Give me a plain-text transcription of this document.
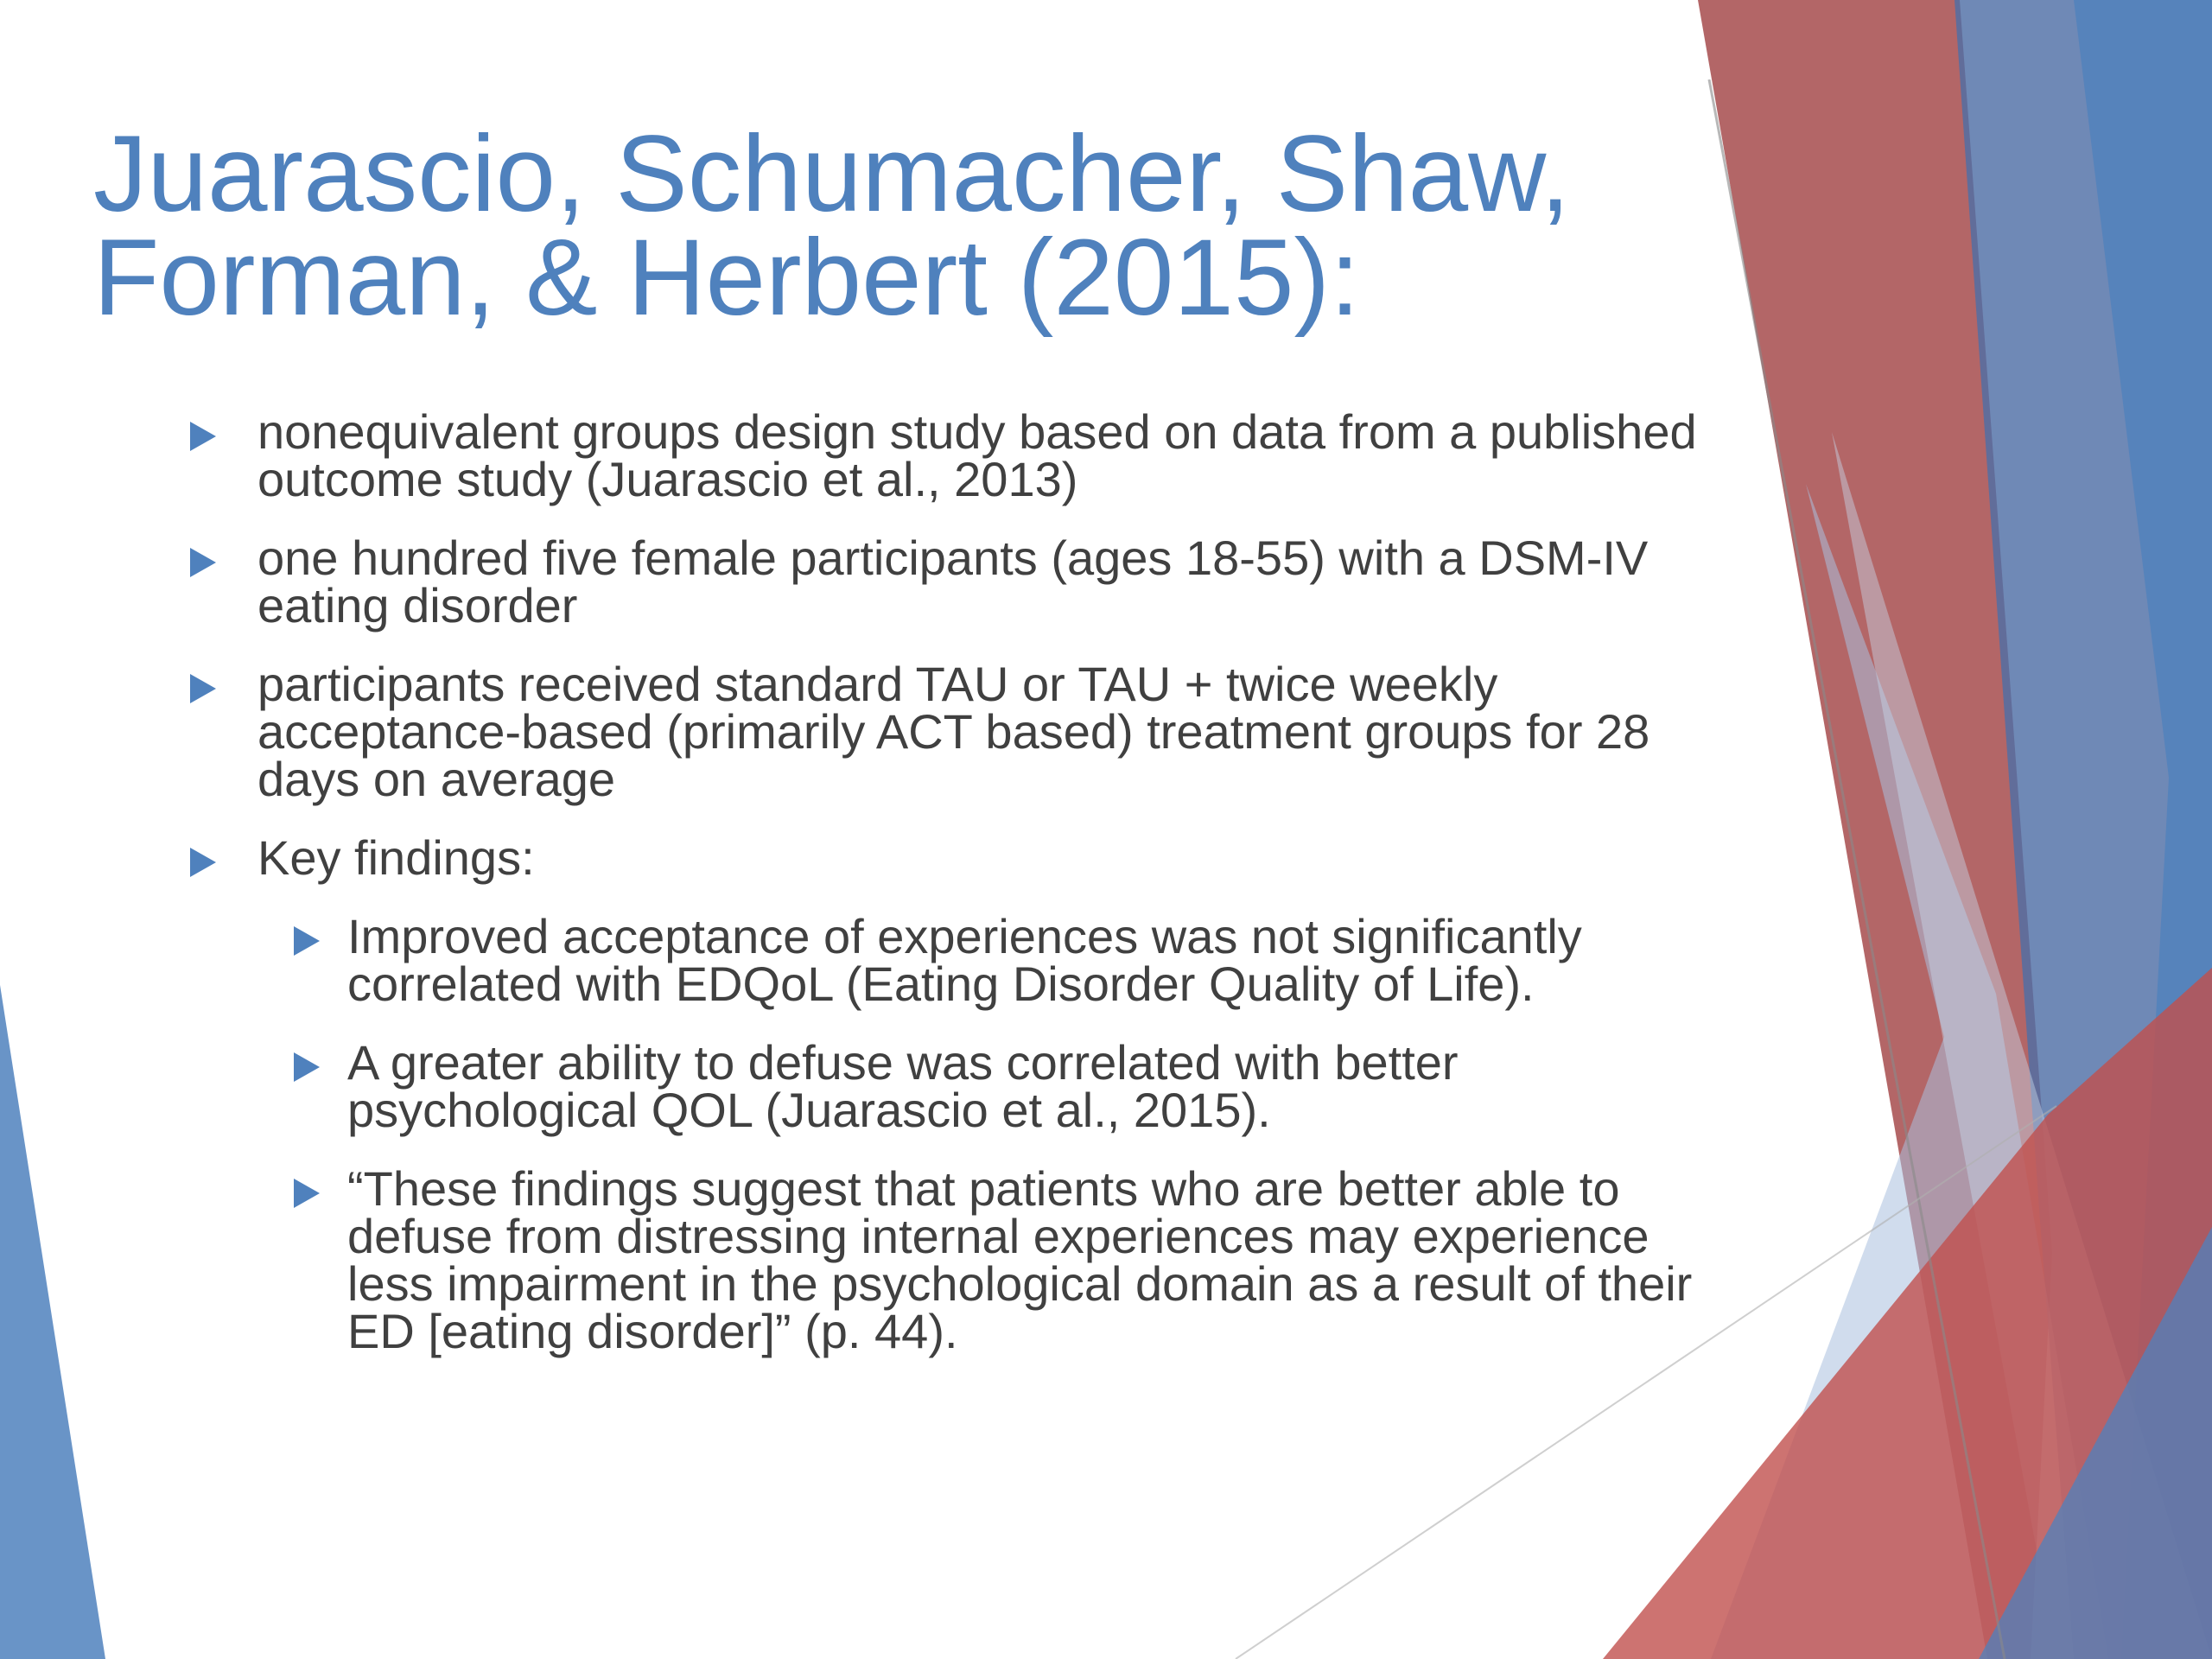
Juarascio, Schumacher, Shaw,
Forman, & Herbert (2015):
nonequivalent groups design study based on data from a published outcome study (Juarascio et al., 2013)
one hundred five female participants (ages 18-55) with a DSM-IV eating disorder
participants received standard TAU or TAU + twice weekly acceptance-based (primarily ACT based) treatment groups for 28 days on average
Key findings:
Improved acceptance of experiences was not significantly correlated with EDQoL (Eating Disorder Quality of Life).
A greater ability to defuse was correlated with better psychological QOL (Juarascio et al., 2015).
“These findings suggest that patients who are better able to defuse from distressing internal experiences may experience less impairment in the psychological domain as a result of their ED [eating disorder]” (p. 44).
